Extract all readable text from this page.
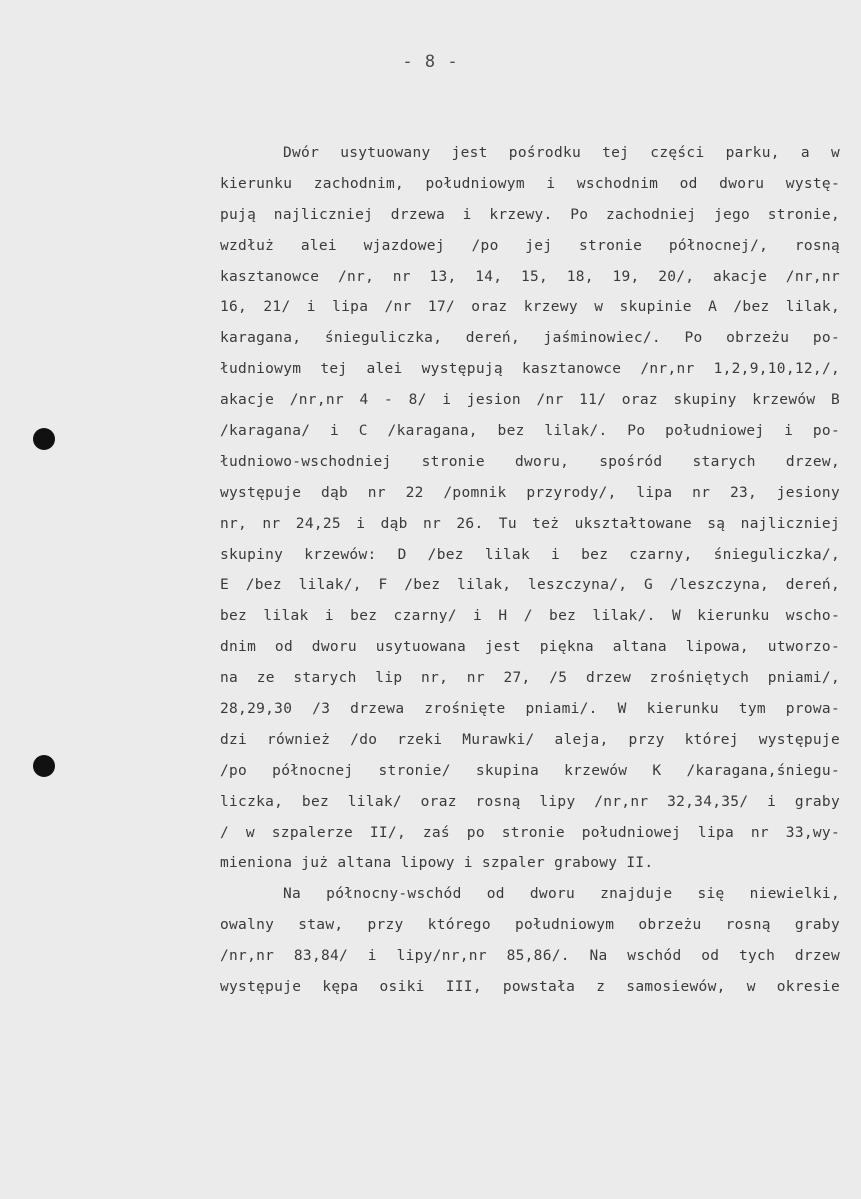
- 8 -
Dwór usytuowany jest pośrodku tej części parku, a w
kierunku zachodnim, południowym i wschodnim od dworu wystę-
pują najliczniej drzewa i krzewy. Po zachodniej jego stronie,
wzdłuż alei wjazdowej /po jej stronie północnej/, rosną
kasztanowce /nr, nr 13, 14, 15, 18, 19, 20/, akacje /nr,nr
16, 21/ i lipa /nr 17/ oraz krzewy w skupinie A /bez lilak,
karagana, śnieguliczka, dereń, jaśminowiec/. Po obrzeżu po-
łudniowym tej alei występują kasztanowce /nr,nr 1,2,9,10,12,/,
akacje /nr,nr 4 - 8/ i jesion /nr 11/ oraz skupiny krzewów B
/karagana/ i C /karagana, bez lilak/. Po południowej i po-
łudniowo-wschodniej stronie dworu, spośród starych drzew,
występuje dąb nr 22 /pomnik przyrody/, lipa nr 23, jesiony
nr, nr 24,25 i dąb nr 26. Tu też ukształtowane są najliczniej
skupiny krzewów: D /bez lilak i bez czarny, śnieguliczka/,
E /bez lilak/, F /bez lilak, leszczyna/, G /leszczyna, dereń,
bez lilak i bez czarny/ i H / bez lilak/. W kierunku wscho-
dnim od dworu usytuowana jest piękna altana lipowa, utworzo-
na ze starych lip nr, nr 27, /5 drzew zrośniętych pniami/,
28,29,30 /3 drzewa zrośnięte pniami/. W kierunku tym prowa-
dzi również /do rzeki Murawki/ aleja, przy której występuje
/po północnej stronie/ skupina krzewów K /karagana,śniegu-
liczka, bez lilak/ oraz rosną lipy /nr,nr 32,34,35/ i graby
/ w szpalerze II/, zaś po stronie południowej lipa nr 33,wy-
mieniona już altana lipowy i szpaler grabowy II.
Na północny-wschód od dworu znajduje się niewielki,
owalny staw, przy którego południowym obrzeżu rosną graby
/nr,nr 83,84/ i lipy/nr,nr 85,86/. Na wschód od tych drzew
występuje kępa osiki III, powstała z samosiewów, w okresie
